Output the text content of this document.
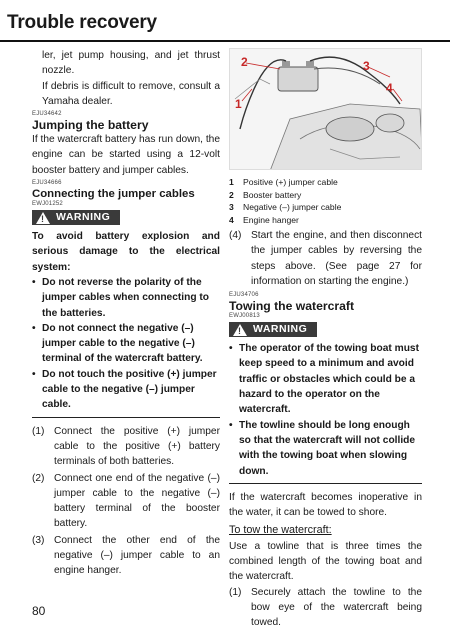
Trouble recovery

ler, jet pump housing, and jet thrust nozzle.

If debris is difficult to remove, consult a Yamaha dealer.

EJU34642
Jumping the battery

If the watercraft battery has run down, the engine can be started using a 12-volt booster battery and jumper cables.

EJU34666
Connecting the jumper cables
EWJ01252
! WARNING

To avoid battery explosion and serious damage to the electrical system:

• Do not reverse the polarity of the jumper cables when connecting to the batteries.
• Do not connect the negative (–) jumper cable to the negative (–) terminal of the watercraft battery.
• Do not touch the positive (+) jumper cable to the negative (–) jumper cable.
(1) Connect the positive (+) jumper cable to the positive (+) battery terminals of both batteries.

(2) Connect one end of the negative (–) jumper cable to the negative (–) battery terminal of the booster battery.

(3) Connect the other end of the negative (–) jumper cable to an engine hanger.

2	3
4
1
1 Positive (+) jumper cable
2 Booster battery
3 Negative (–) jumper cable
4 Engine hanger
(4) Start the engine, and then disconnect the jumper cables by reversing the steps above. (See page 27 for information on starting the engine.)

EJU34706
Towing the watercraft
EWJ00813
! WARNING
• The operator of the towing boat must keep speed to a minimum and avoid traffic or obstacles which could be a hazard to the operator on the watercraft.
• The towline should be long enough so that the watercraft will not collide with the towing boat when slowing down.

If the watercraft becomes inoperative in the water, it can be towed to shore.

To tow the watercraft:

Use a towline that is three times the combined length of the towing boat and the watercraft.

(1) Securely attach the towline to the bow eye of the watercraft being towed.

80
